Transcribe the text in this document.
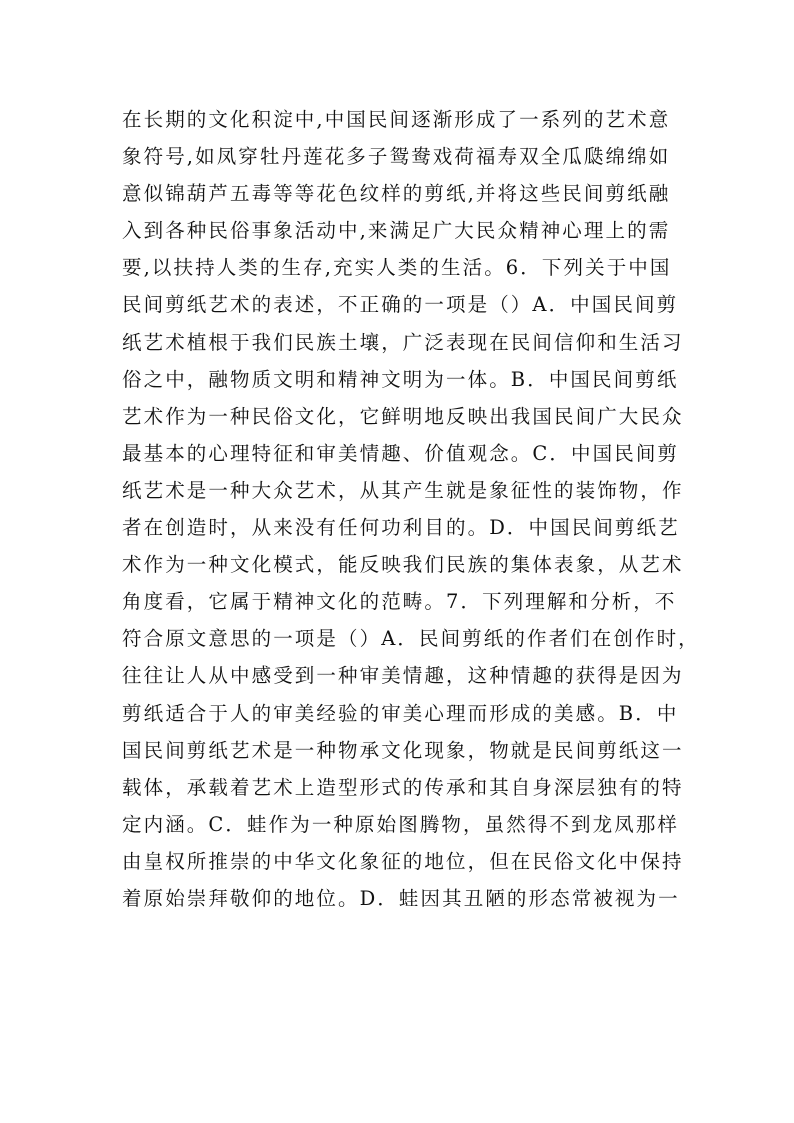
在长期的文化积淀中,中国民间逐渐形成了一系列的艺术意
象符号,如凤穿牡丹莲花多子鸳鸯戏荷福寿双全瓜瓞绵绵如
意似锦葫芦五毒等等花色纹样的剪纸,并将这些民间剪纸融
入到各种民俗事象活动中,来满足广大民众精神心理上的需
要,以扶持人类的生存,充实人类的生活。6．下列关于中国
民间剪纸艺术的表述，不正确的一项是（）A．中国民间剪
纸艺术植根于我们民族土壤，广泛表现在民间信仰和生活习
俗之中，融物质文明和精神文明为一体。B．中国民间剪纸
艺术作为一种民俗文化，它鲜明地反映出我国民间广大民众
最基本的心理特征和审美情趣、价值观念。C．中国民间剪
纸艺术是一种大众艺术，从其产生就是象征性的装饰物，作
者在创造时，从来没有任何功利目的。D．中国民间剪纸艺
术作为一种文化模式，能反映我们民族的集体表象，从艺术
角度看，它属于精神文化的范畴。7．下列理解和分析，不
符合原文意思的一项是（）A．民间剪纸的作者们在创作时，
往往让人从中感受到一种审美情趣，这种情趣的获得是因为
剪纸适合于人的审美经验的审美心理而形成的美感。B．中
国民间剪纸艺术是一种物承文化现象，物就是民间剪纸这一
载体，承载着艺术上造型形式的传承和其自身深层独有的特
定内涵。C．蛙作为一种原始图腾物，虽然得不到龙凤那样
由皇权所推崇的中华文化象征的地位，但在民俗文化中保持
着原始崇拜敬仰的地位。D．蛙因其丑陋的形态常被视为一
